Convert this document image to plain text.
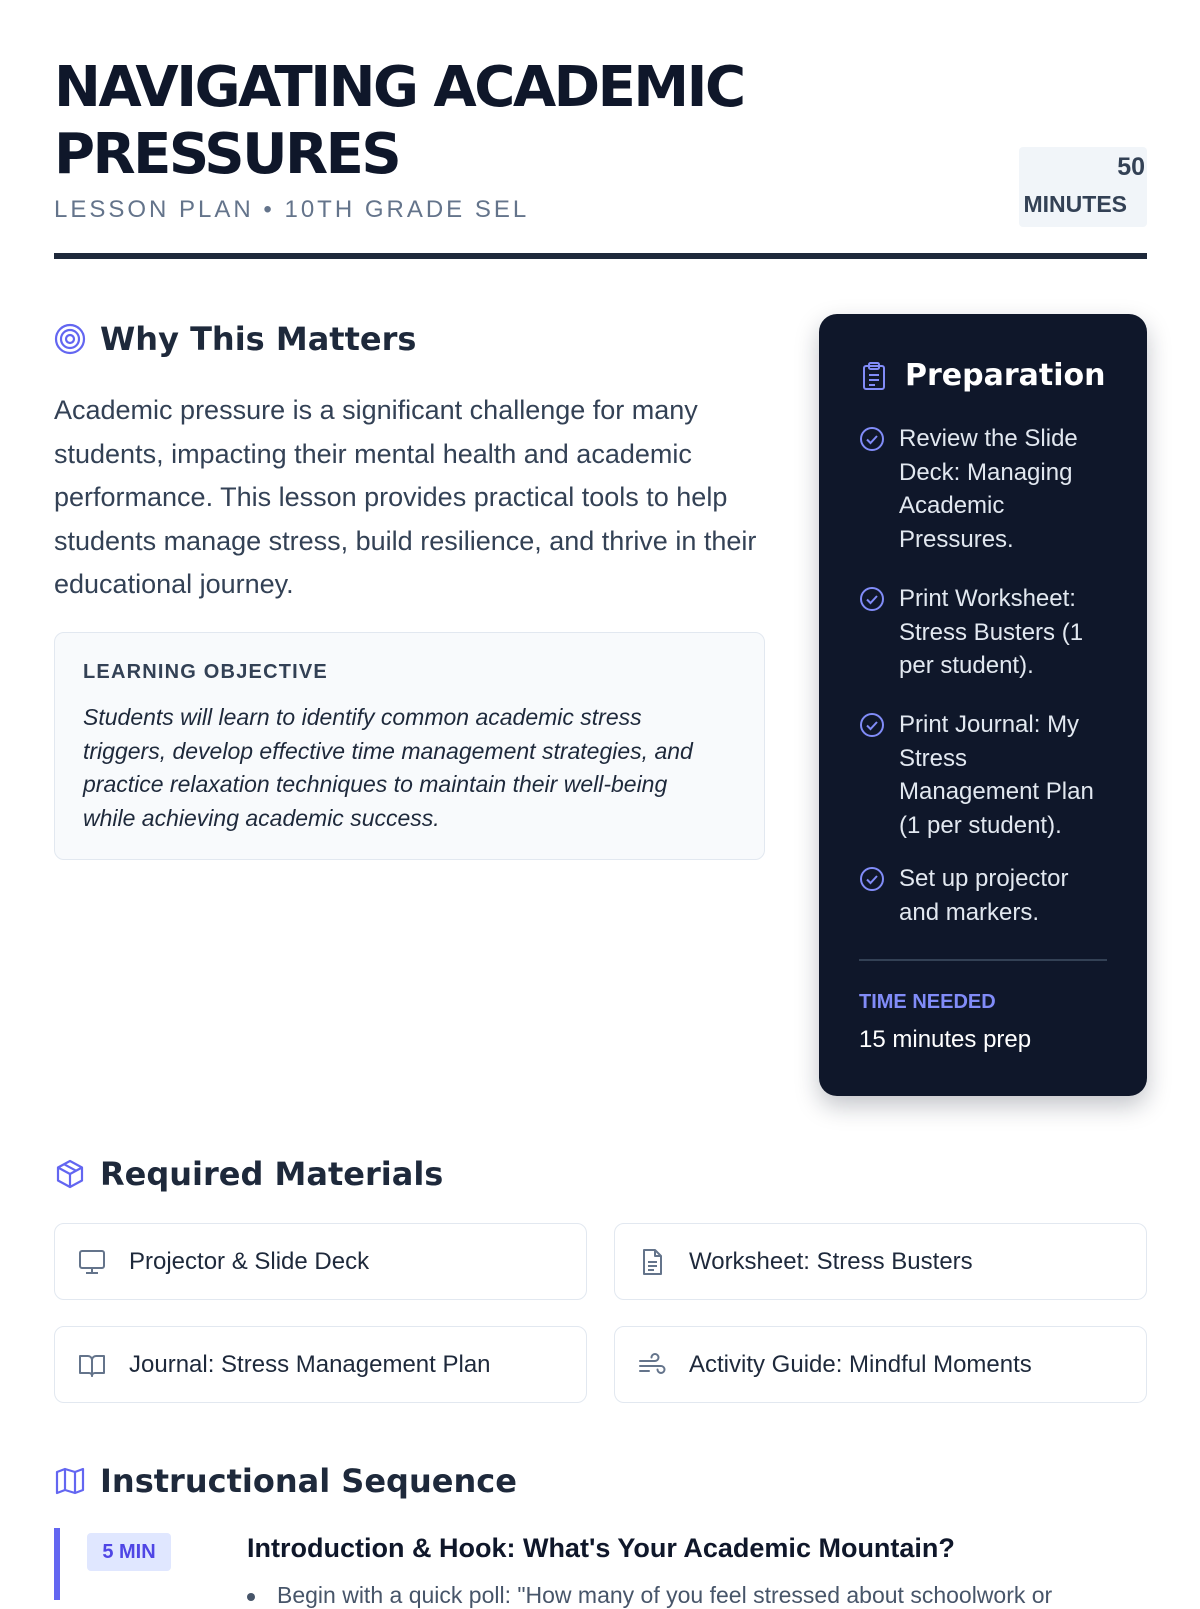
NAVIGATING ACADEMIC
PRESSURES
LESSON PLAN • 10TH GRADE SEL
50
MINUTES
Why This Matters
Academic pressure is a significant challenge for many students, impacting their mental health and academic performance. This lesson provides practical tools to help students manage stress, build resilience, and thrive in their educational journey.
LEARNING OBJECTIVE
Students will learn to identify common academic stress triggers, develop effective time management strategies, and practice relaxation techniques to maintain their well-being while achieving academic success.
Preparation
Review the Slide Deck: Managing Academic Pressures.
Print Worksheet: Stress Busters (1 per student).
Print Journal: My Stress Management Plan (1 per student).
Set up projector and markers.
TIME NEEDED
15 minutes prep
Required Materials
Projector & Slide Deck	Worksheet: Stress Busters
Journal: Stress Management Plan	Activity Guide: Mindful Moments
Instructional Sequence
5 MIN	Introduction & Hook: What's Your Academic Mountain?
Begin with a quick poll: "How many of you feel stressed about schoolwork or
